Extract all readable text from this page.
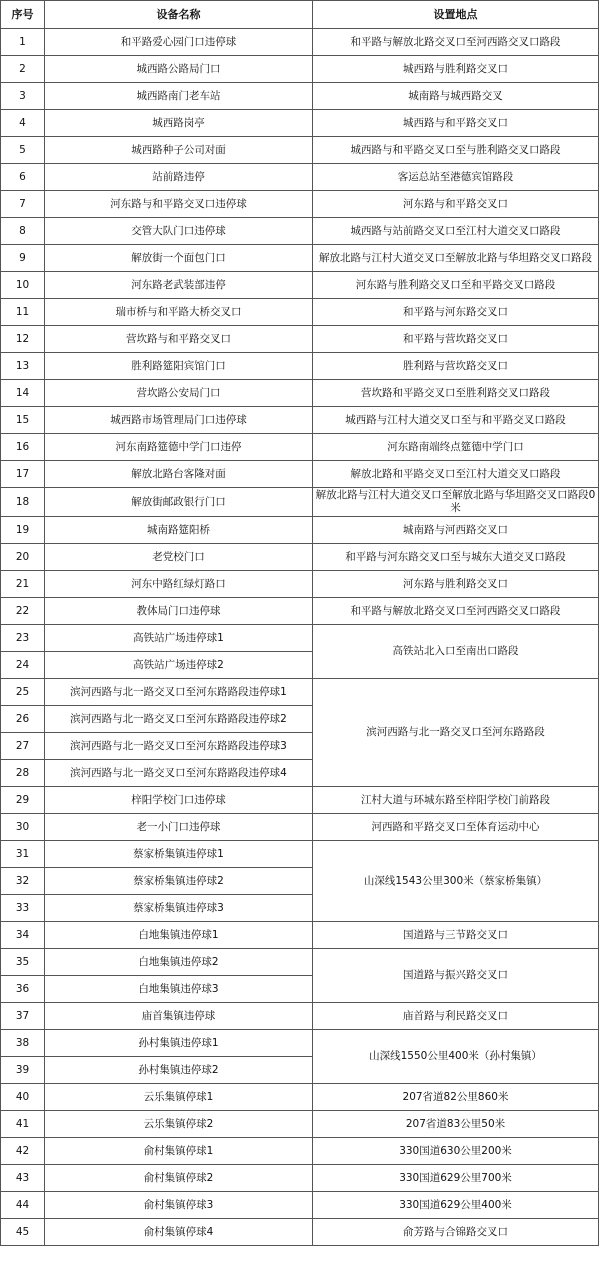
序号	设备名称	设置地点
1	和平路爱心园门口违停球	和平路与解放北路交叉口至河西路交叉口路段
2	城西路公路局门口	城西路与胜利路交叉口
3	城西路南门老车站	城南路与城西路交叉
4	城西路岗亭	城西路与和平路交叉口
5	城西路种子公司对面	城西路与和平路交叉口至与胜利路交叉口路段
6	站前路违停	客运总站至港德宾馆路段
7	河东路与和平路交叉口违停球	河东路与和平路交叉口
8	交管大队门口违停球	城西路与站前路交叉口至江村大道交叉口路段
9	解放街一个面包门口	解放北路与江村大道交叉口至解放北路与华坦路交叉口路段
10	河东路老武装部违停	河东路与胜利路交叉口至和平路交叉口路段
11	瑞市桥与和平路大桥交叉口	和平路与河东路交叉口
12	营坎路与和平路交叉口	和平路与营坎路交叉口
13	胜利路筵阳宾馆门口	胜利路与营坎路交叉口
14	营坎路公安局门口	营坎路和平路交叉口至胜利路交叉口路段
15	城西路市场管理局门口违停球	城西路与江村大道交叉口至与和平路交叉口路段
16	河东南路筵德中学门口违停	河东路南端终点筵德中学门口
17	解放北路台客隆对面	解放北路和平路交叉口至江村大道交叉口路段
18	解放街邮政银行门口	解放北路与江村大道交叉口至解放北路与华坦路交叉口路段0米
19	城南路筵阳桥	城南路与河西路交叉口
20	老党校门口	和平路与河东路交叉口至与城东大道交叉口路段
21	河东中路红绿灯路口	河东路与胜利路交叉口
22	教体局门口违停球	和平路与解放北路交叉口至河西路交叉口路段
23	高铁站广场违停球1	高铁站北入口至南出口路段
24	高铁站广场违停球2	
25	滨河西路与北一路交叉口至河东路路段违停球1	滨河西路与北一路交叉口至河东路路段
26	滨河西路与北一路交叉口至河东路路段违停球2	
27	滨河西路与北一路交叉口至河东路路段违停球3	
28	滨河西路与北一路交叉口至河东路路段违停球4	
29	梓阳学校门口违停球	江村大道与环城东路至梓阳学校门前路段
30	老一小门口违停球	河西路和平路交叉口至体育运动中心
31	蔡家桥集镇违停球1	山深线1543公里300米（蔡家桥集镇）
32	蔡家桥集镇违停球2	
33	蔡家桥集镇违停球3	
34	白地集镇违停球1	国道路与三节路交叉口
35	白地集镇违停球2	国道路与振兴路交叉口
36	白地集镇违停球3	
37	庙首集镇违停球	庙首路与利民路交叉口
38	孙村集镇违停球1	山深线1550公里400米（孙村集镇）
39	孙村集镇违停球2	
40	云乐集镇停球1	207省道82公里860米
41	云乐集镇停球2	207省道83公里50米
42	俞村集镇停球1	330国道630公里200米
43	俞村集镇停球2	330国道629公里700米
44	俞村集镇停球3	330国道629公里400米
45	俞村集镇停球4	俞芳路与合锦路交叉口
